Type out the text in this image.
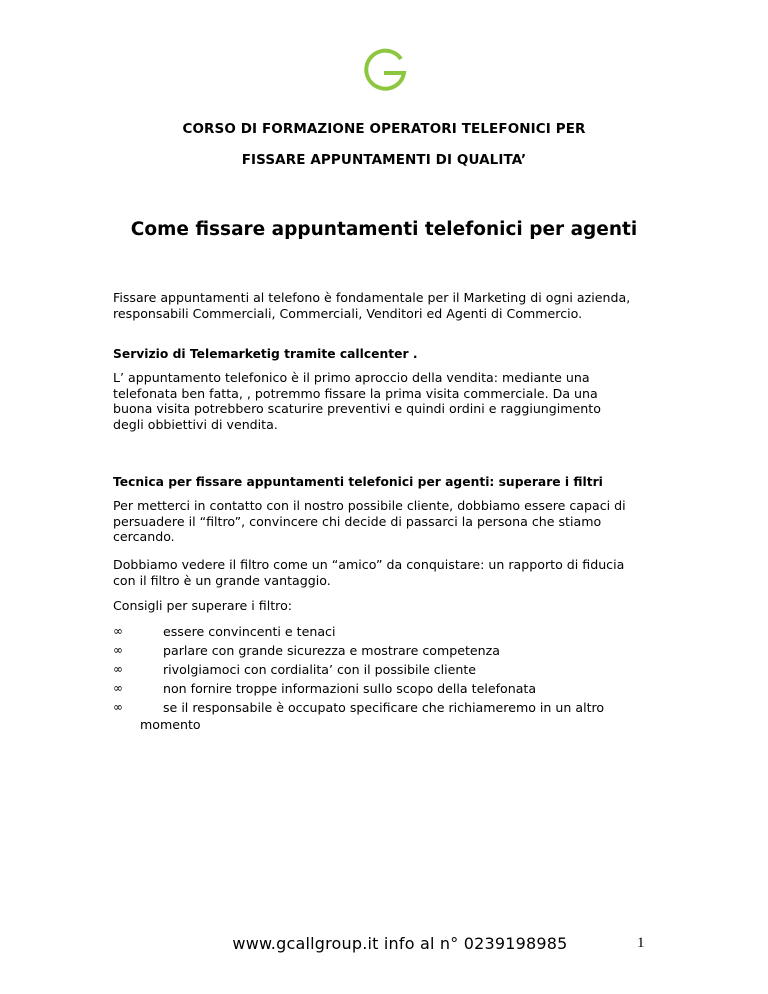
CORSO DI FORMAZIONE OPERATORI TELEFONICI PER
FISSARE APPUNTAMENTI DI QUALITA’
Come fissare appuntamenti telefonici per agenti
Fissare appuntamenti al telefono è fondamentale per il Marketing di ogni azienda,
responsabili Commerciali, Commerciali, Venditori ed Agenti di Commercio.
Servizio di Telemarketig tramite callcenter .
L’ appuntamento telefonico è il primo aproccio della vendita: mediante una
telefonata ben fatta, , potremmo fissare la prima visita commerciale. Da una
buona visita potrebbero scaturire preventivi e quindi ordini e raggiungimento
degli obbiettivi di vendita.
Tecnica per fissare appuntamenti telefonici per agenti: superare i filtri
Per metterci in contatto con il nostro possibile cliente, dobbiamo essere capaci di
persuadere il “filtro”, convincere chi decide di passarci la persona che stiamo
cercando.
Dobbiamo vedere il filtro come un “amico” da conquistare: un rapporto di fiducia
con il filtro è un grande vantaggio.
Consigli per superare i filtro:
∞	essere convincenti e tenaci
∞	parlare con grande sicurezza e mostrare competenza
∞	rivolgiamoci con cordialita’ con il possibile cliente
∞	non fornire troppe informazioni sullo scopo della telefonata
∞	se il responsabile è occupato specificare che richiameremo in un altro
momento
www.gcallgroup.it info al n° 0239198985	1
